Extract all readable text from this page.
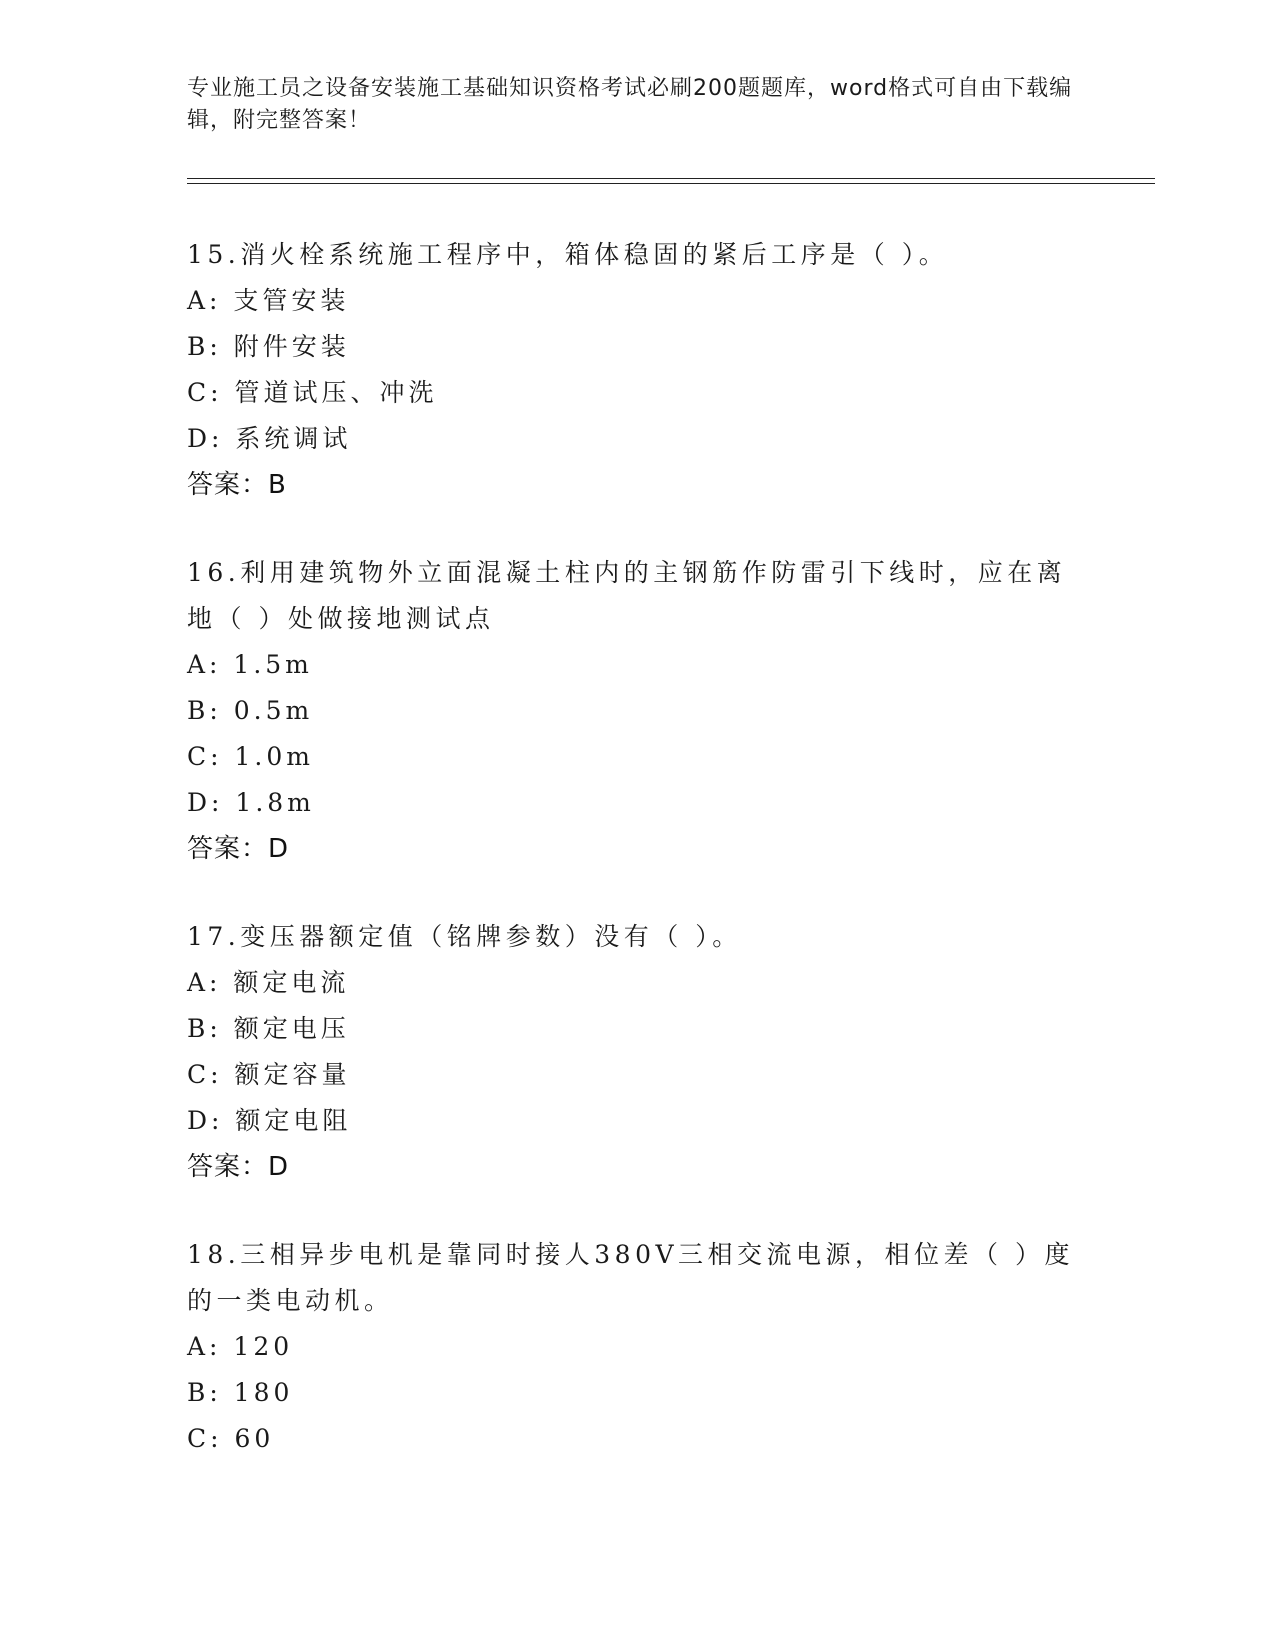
专业施工员之设备安装施工基础知识资格考试必刷200题题库，word格式可自由下载编辑，附完整答案！
15.消火栓系统施工程序中，箱体稳固的紧后工序是（ ）。
A: 支管安装
B: 附件安装
C: 管道试压、冲洗
D: 系统调试
答案：B
16.利用建筑物外立面混凝土柱内的主钢筋作防雷引下线时，应在离地（ ）处做接地测试点
A: 1.5m
B: 0.5m
C: 1.0m
D: 1.8m
答案：D
17.变压器额定值（铭牌参数）没有（ ）。
A: 额定电流
B: 额定电压
C: 额定容量
D: 额定电阻
答案：D
18.三相异步电机是靠同时接人380V三相交流电源，相位差（ ）度的一类电动机。
A: 120
B: 180
C: 60
